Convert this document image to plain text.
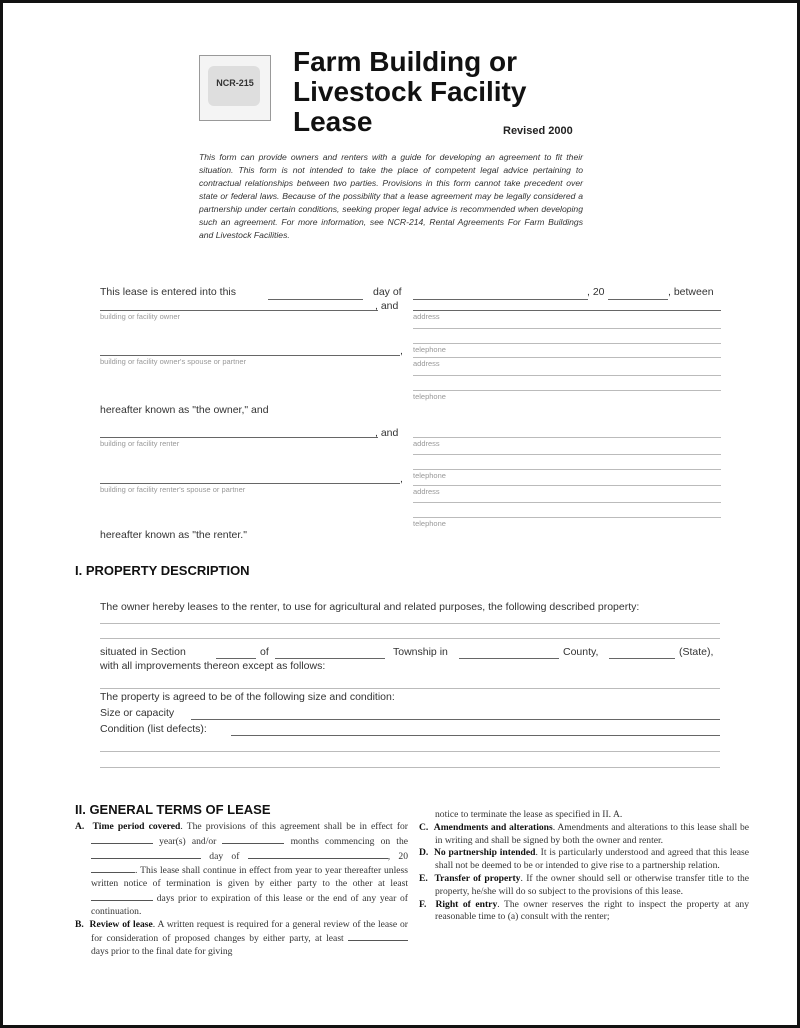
NCR-215
Farm Building or
Livestock Facility
Lease	Revised 2000
This form can provide owners and renters with a guide for developing an agreement to fit their situation. This form is not intended to take the place of competent legal advice pertaining to contractual relationships between two parties. Provisions in this form cannot take precedent over state or federal laws. Because of the possibility that a lease agreement may be legally considered a partnership under certain conditions, seeking proper legal advice is recommended when developing such an agreement. For more information, see NCR-214, Rental Agreements For Farm Buildings and Livestock Facilities.
This lease is entered into this	day of	, 20	, between
, and
building or facility owner	address
telephone
,
building or facility owner's spouse or partner	address
telephone
hereafter known as "the owner," and
, and
building or facility renter	address
telephone
,
building or facility renter's spouse or partner	address
telephone
hereafter known as "the renter."
I. PROPERTY DESCRIPTION
The owner hereby leases to the renter, to use for agricultural and related purposes, the following described property:
situated in Section	of	Township in	County,	(State),
with all improvements thereon except as follows:
The property is agreed to be of the following size and condition:
Size or capacity
Condition (list defects):
II. GENERAL TERMS OF LEASE

A. Time period covered. The provisions of this agreement shall be in effect for  year(s) and/or	months commencing on the  day of	, 20. This lease shall continue in effect from year to year thereafter unless written notice of termination is given by either party to the other at least  days prior to expiration of this lease or the end of any year of continuation.

B. Review of lease. A written request is required for a general review of the lease or for consideration of proposed changes by either party, at least  days prior to the final date for giving

notice to terminate the lease as specified in II. A.

C. Amendments and alterations. Amendments and alterations to this lease shall be in writing and shall be signed by both the owner and renter.

D. No partnership intended. It is particularly understood and agreed that this lease shall not be deemed to be or intended to give rise to a partnership relation.

E. Transfer of property. If the owner should sell or otherwise transfer title to the property, he/she will do so subject to the provisions of this lease.

F. Right of entry. The owner reserves the right to inspect the property at any reasonable time to (a) consult with the renter;
